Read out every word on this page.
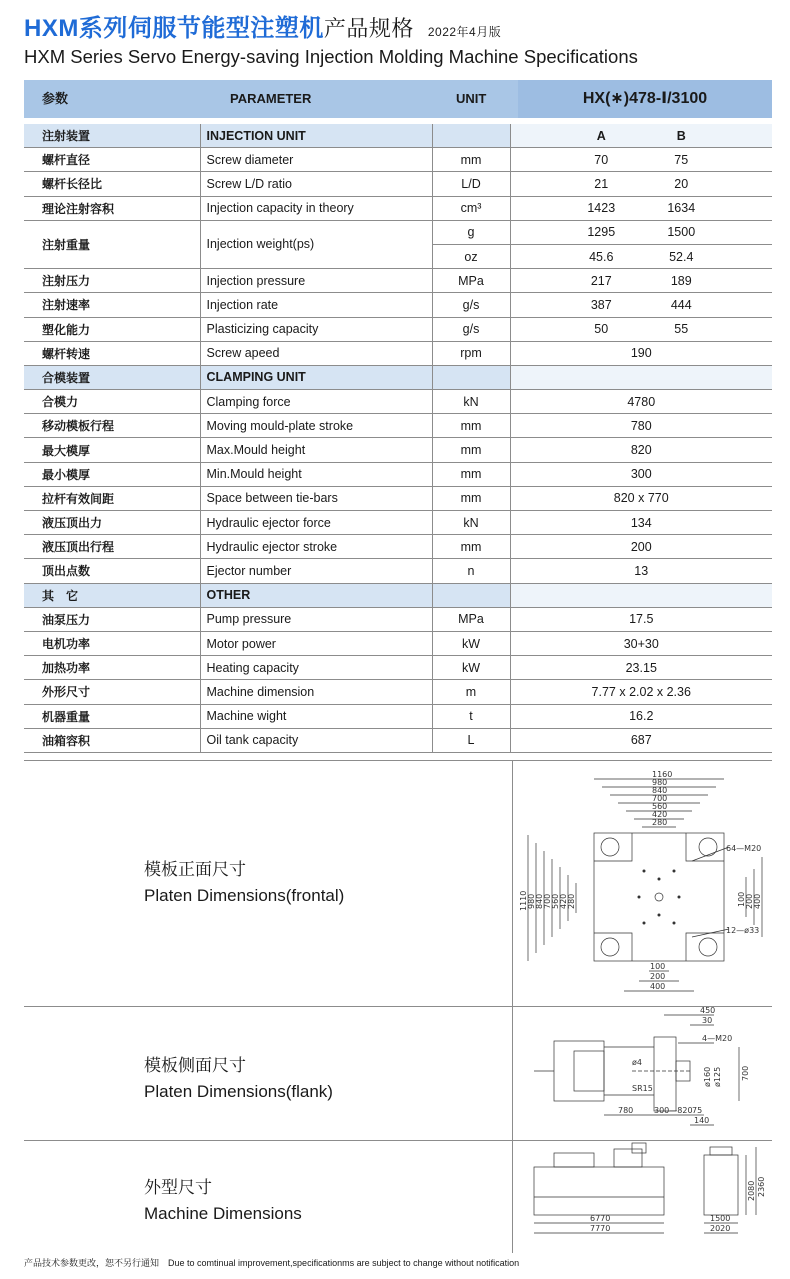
HXM系列伺服节能型注塑机产品规格 2022年4月版
HXM Series Servo Energy-saving Injection Molding Machine Specifications
参数	PARAMETER	UNIT	HX(∗)478-Ⅰ/3100
注射装置	INJECTION UNIT		A B

螺杆直径	Screw diameter	mm	70 75

螺杆长径比	Screw L/D ratio	L/D	21 20

理论注射容积	Injection capacity in theory	cm³	1423 1634

注射重量	Injection weight(ps)	g	1295 1500

		oz	45.6 52.4

注射压力	Injection pressure	MPa	217 189

注射速率	Injection rate	g/s	387 444

塑化能力	Plasticizing capacity	g/s	50 55

螺杆转速	Screw apeed	rpm	190
合模装置	CLAMPING UNIT		
合模力	Clamping force	kN	4780
移动模板行程	Moving mould-plate stroke	mm	780
最大模厚	Max.Mould height	mm	820
最小模厚	Min.Mould height	mm	300
拉杆有效间距	Space between tie-bars	mm	820 x 770
液压顶出力	Hydraulic ejector force	kN	134
液压顶出行程	Hydraulic ejector stroke	mm	200
顶出点数	Ejector number	n	13
其　它	OTHER		
油泵压力	Pump pressure	MPa	17.5
电机功率	Motor power	kW	30+30
加热功率	Heating capacity	kW	23.15
外形尺寸	Machine dimension	m	7.77 x 2.02 x 2.36
机器重量	Machine wight	t	16.2
油箱容积	Oil tank capacity	L	687
模板正面尺寸
Platen Dimensions(frontal)
1160
980
840
700
560
420
280
1110 980 840 700 560 420 280	100 200 400
100
200
400
64—M20
12—ø33
模板侧面尺寸
Platen Dimensions(flank)
450
30
4—M20
ø4
ø160 ø125
SR15
700
780	300—820 75
140
外型尺寸
Machine Dimensions	6770
7770
1500
2020
2080 2360
产品技术参数更改，恕不另行通知　Due to comtinual improvement,specificationms are subject to change without notification
